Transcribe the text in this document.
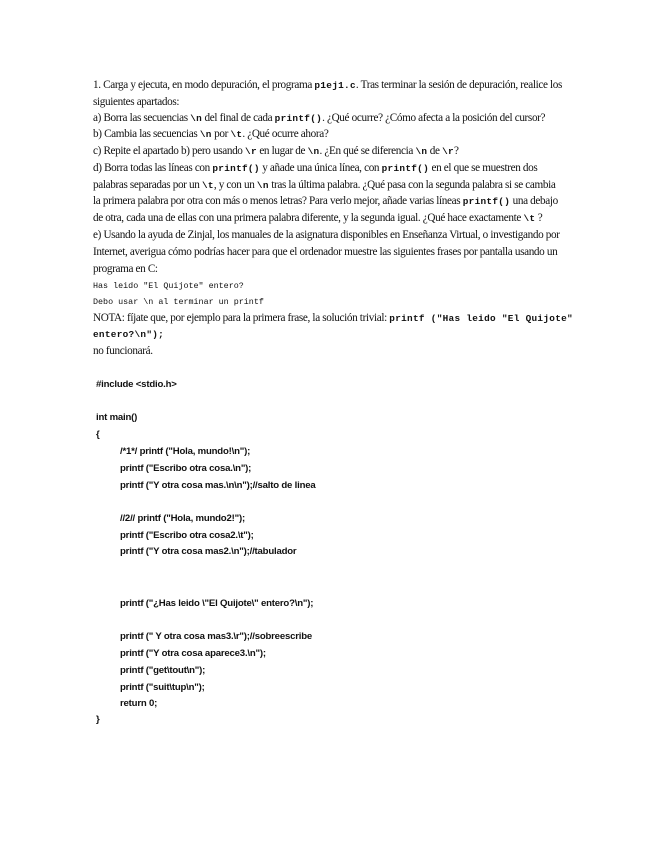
1. Carga y ejecuta, en modo depuración, el programa p1ej1.c. Tras terminar la sesión de depuración, realice los
siguientes apartados:
a) Borra las secuencias \n del final de cada printf(). ¿Qué ocurre? ¿Cómo afecta a la posición del cursor?
b) Cambia las secuencias \n por \t. ¿Qué ocurre ahora?
c) Repite el apartado b) pero usando \r en lugar de \n. ¿En qué se diferencia \n de \r?
d) Borra todas las líneas con printf() y añade una única línea, con printf() en el que se muestren dos
palabras separadas por un \t, y con un \n tras la última palabra. ¿Qué pasa con la segunda palabra si se cambia
la primera palabra por otra con más o menos letras? Para verlo mejor, añade varias líneas printf() una debajo
de otra, cada una de ellas con una primera palabra diferente, y la segunda igual. ¿Qué hace exactamente \t ?
e) Usando la ayuda de Zinjal, los manuales de la asignatura disponibles en Enseñanza Virtual, o investigando por
Internet, averigua cómo podrías hacer para que el ordenador muestre las siguientes frases por pantalla usando un
programa en C:
Has leido "El Quijote" entero?
Debo usar \n al terminar un printf
NOTA: fíjate que, por ejemplo para la primera frase, la solución trivial: printf ("Has leido "El Quijote"
entero?\n");
no funcionará.
#include <stdio.h>
int main()
{
/*1*/ printf ("Hola, mundo!\n");
printf ("Escribo otra cosa.\n");
printf ("Y otra cosa mas.\n\n");//salto de linea
//2// printf ("Hola, mundo2!");
printf ("Escribo otra cosa2.\t");
printf ("Y otra cosa mas2.\n");//tabulador
printf ("¿Has leido \"El Quijote\" entero?\n");
printf (" Y otra cosa mas3.\r");//sobreescribe
printf ("Y otra cosa aparece3.\n");
printf ("get\tout\n");
printf ("suit\tup\n");
return 0;
}
